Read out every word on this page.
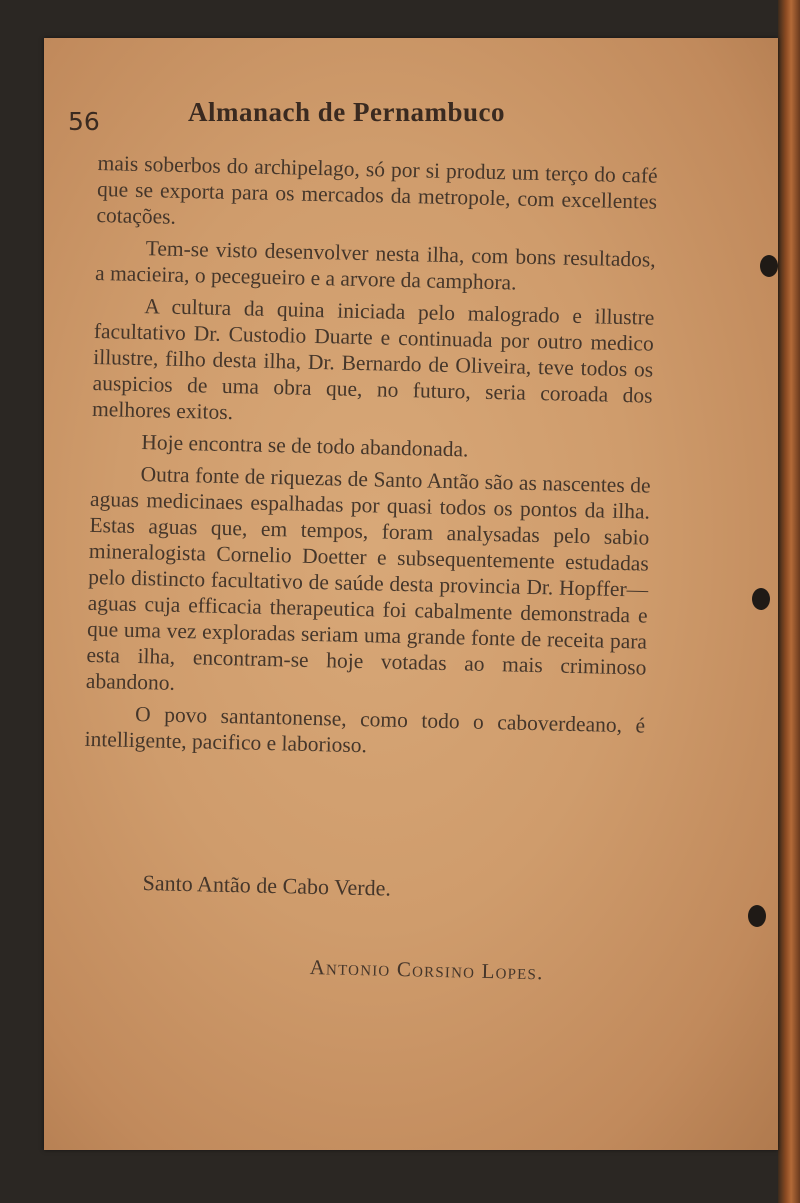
56	Almanach de Pernambuco

mais soberbos do archipelago, só por si produz um terço do café que se exporta para os mercados da metropole, com excellentes cotações.

Tem-se visto desenvolver nesta ilha, com bons resultados, a macieira, o pecegueiro e a arvore da camphora.

A cultura da quina iniciada pelo malogrado e illustre facultativo Dr. Custodio Duarte e continuada por outro medico illustre, filho desta ilha, Dr. Bernardo de Oliveira, teve todos os auspicios de uma obra que, no futuro, seria coroada dos melhores exitos.

Hoje encontra se de todo abandonada.

Outra fonte de riquezas de Santo Antão são as nascentes de aguas medicinaes espalhadas por quasi todos os pontos da ilha. Estas aguas que, em tempos, foram analysadas pelo sabio mineralogista Cornelio Doetter e subsequentemente estudadas pelo distincto facultativo de saúde desta provincia Dr. Hopffer—aguas cuja efficacia therapeutica foi cabalmente demonstrada e que uma vez exploradas seriam uma grande fonte de receita para esta ilha, encontram-se hoje votadas ao mais criminoso abandono.

O povo santantonense, como todo o caboverdeano, é intelligente, pacifico e laborioso.

Santo Antão de Cabo Verde.
Antonio Corsino Lopes.
